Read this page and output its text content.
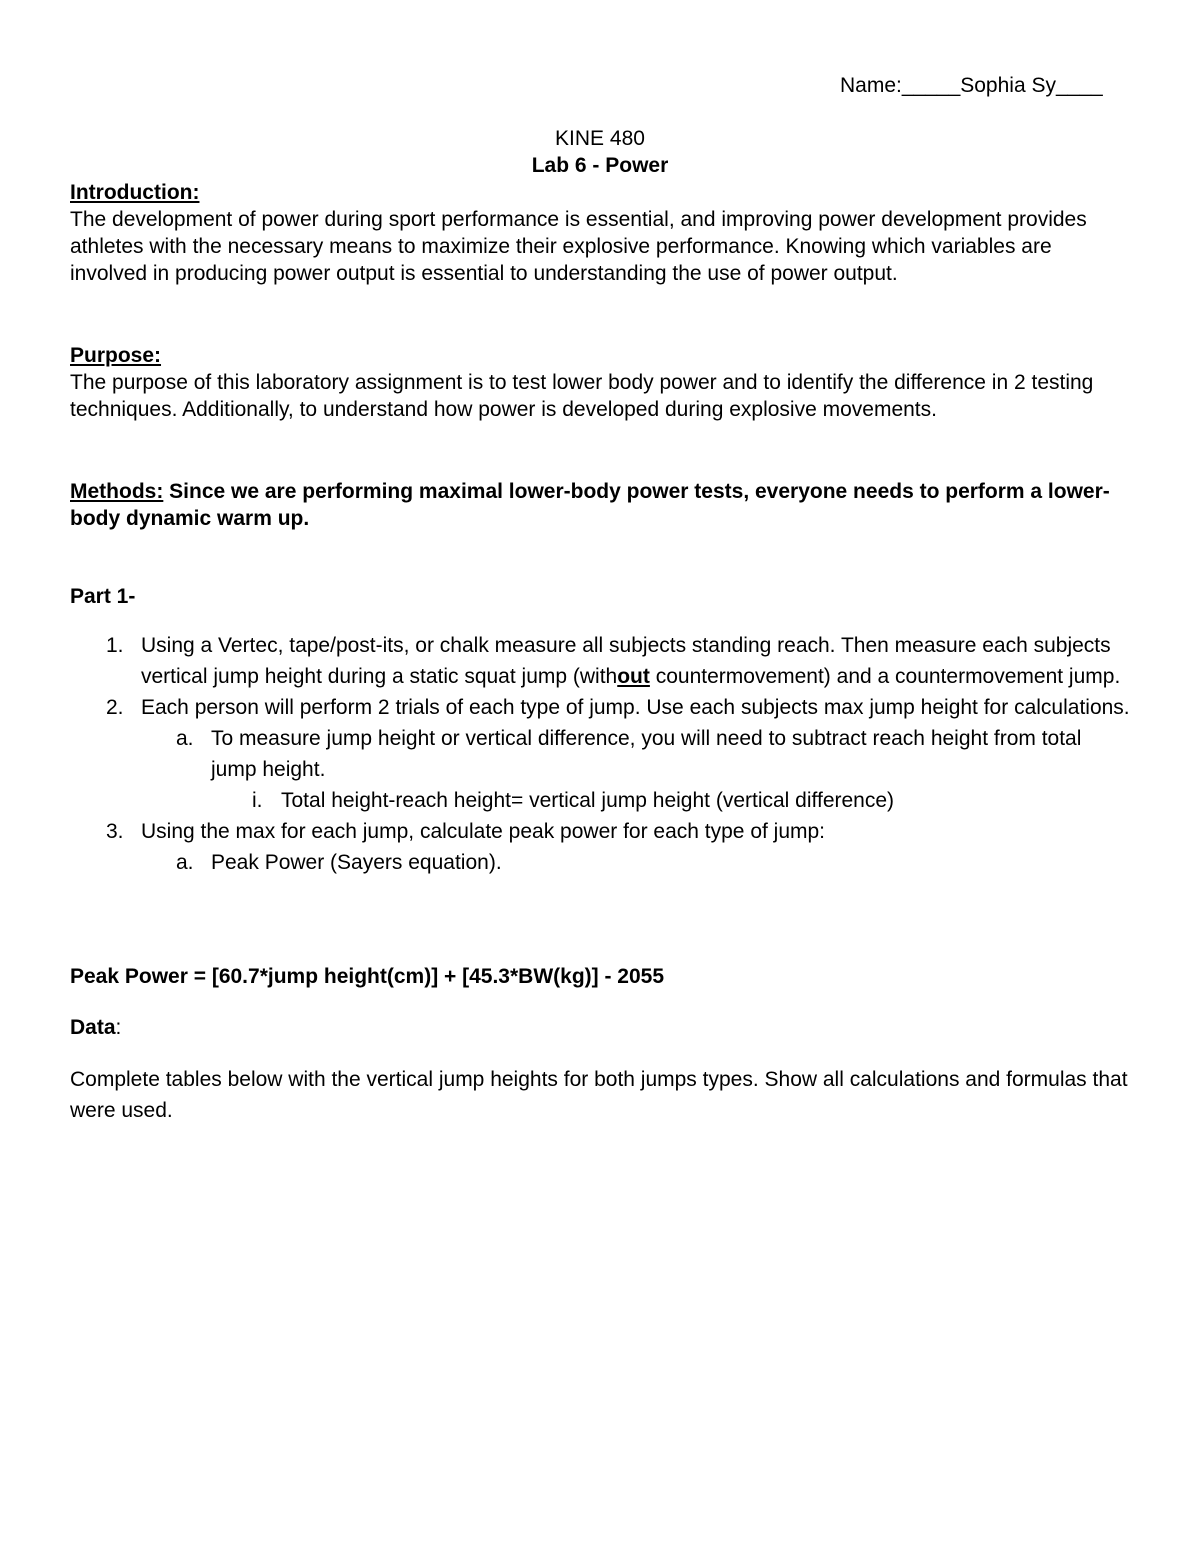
Name:_____Sophia Sy____
KINE 480
Lab 6 - Power
Introduction:
The development of power during sport performance is essential, and improving power development provides athletes with the necessary means to maximize their explosive performance. Knowing which variables are involved in producing power output is essential to understanding the use of power output.
Purpose:
The purpose of this laboratory assignment is to test lower body power and to identify the difference in 2 testing techniques. Additionally, to understand how power is developed during explosive movements.
Methods: Since we are performing maximal lower-body power tests, everyone needs to perform a lower-body dynamic warm up.
Part 1-
1. Using a Vertec, tape/post-its, or chalk measure all subjects standing reach. Then measure each subjects vertical jump height during a static squat jump (without countermovement) and a countermovement jump.
2. Each person will perform 2 trials of each type of jump. Use each subjects max jump height for calculations.
a. To measure jump height or vertical difference, you will need to subtract reach height from total jump height.
i. Total height-reach height= vertical jump height (vertical difference)
3. Using the max for each jump, calculate peak power for each type of jump:
a. Peak Power (Sayers equation).
Peak Power = [60.7*jump height(cm)] + [45.3*BW(kg)] - 2055
Data:
Complete tables below with the vertical jump heights for both jumps types. Show all calculations and formulas that were used.
